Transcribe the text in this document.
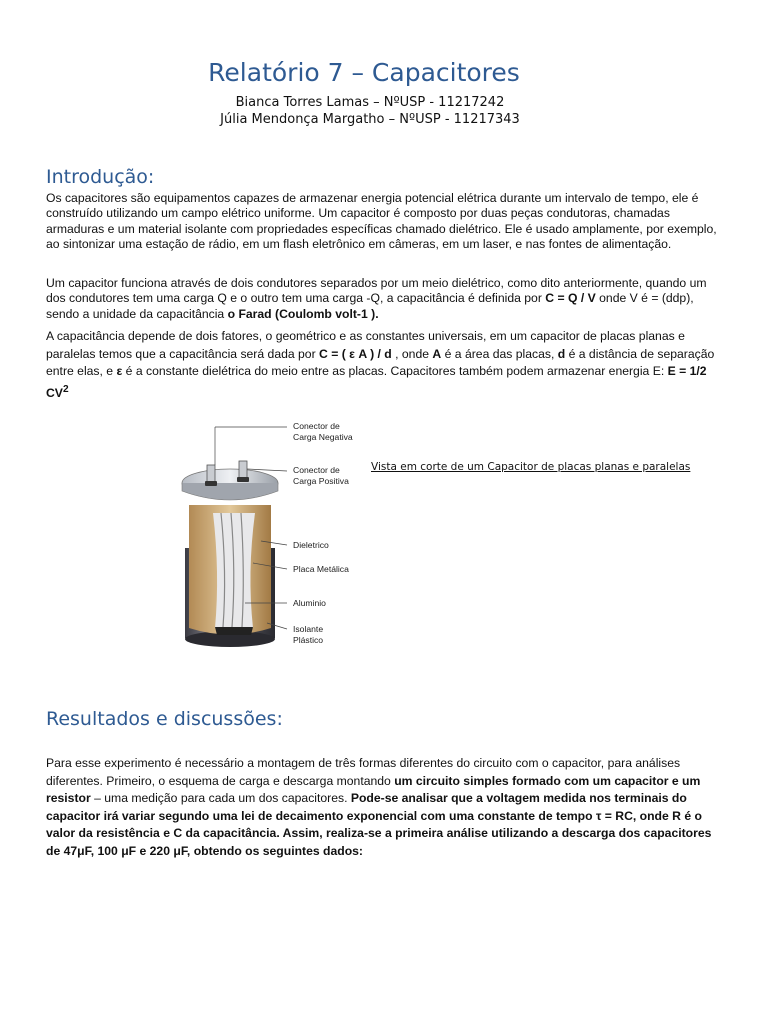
Relatório 7 – Capacitores
Bianca Torres Lamas – NºUSP - 11217242
Júlia Mendonça Margatho – NºUSP - 11217343
Introdução:

Os capacitores são equipamentos capazes de armazenar energia potencial elétrica durante um intervalo de tempo, ele é construído utilizando um campo elétrico uniforme. Um capacitor é composto por duas peças condutoras, chamadas armaduras e um material isolante com propriedades específicas chamado dielétrico. Ele é usado amplamente, por exemplo, ao sintonizar uma estação de rádio, em um flash eletrônico em câmeras, em um laser, e nas fontes de alimentação.

Um capacitor funciona através de dois condutores separados por um meio dielétrico, como dito anteriormente, quando um dos condutores tem uma carga Q e o outro tem uma carga -Q, a capacitância é definida por C = Q / V onde V é = (ddp), sendo a unidade da capacitância o Farad (Coulomb volt-1 ).

A capacitância depende de dois fatores, o geométrico e as constantes universais, em um capacitor de placas planas e paralelas temos que a capacitância será dada por C = ( ε A ) / d , onde A é a área das placas, d é a distância de separação entre elas, e ε é a constante dielétrica do meio entre as placas. Capacitores também podem armazenar energia E: E = 1/2 $CV^2$

Conector de
Carga Negativa
Conector de
Carga Positiva
Dieletrico
Placa Metálica
Aluminio
Isolante
Plástico
Vista em corte de um Capacitor de placas planas e paralelas
Resultados e discussões:

Para esse experimento é necessário a montagem de três formas diferentes do circuito com o capacitor, para análises diferentes. Primeiro, o esquema de carga e descarga montando um circuito simples formado com um capacitor e um resistor – uma medição para cada um dos capacitores. Pode-se analisar que a voltagem medida nos terminais do capacitor irá variar segundo uma lei de decaimento exponencial com uma constante de tempo τ = RC, onde R é o valor da resistência e C da capacitância. Assim, realiza-se a primeira análise utilizando a descarga dos capacitores de 47μF, 100 μF e 220 μF, obtendo os seguintes dados:
